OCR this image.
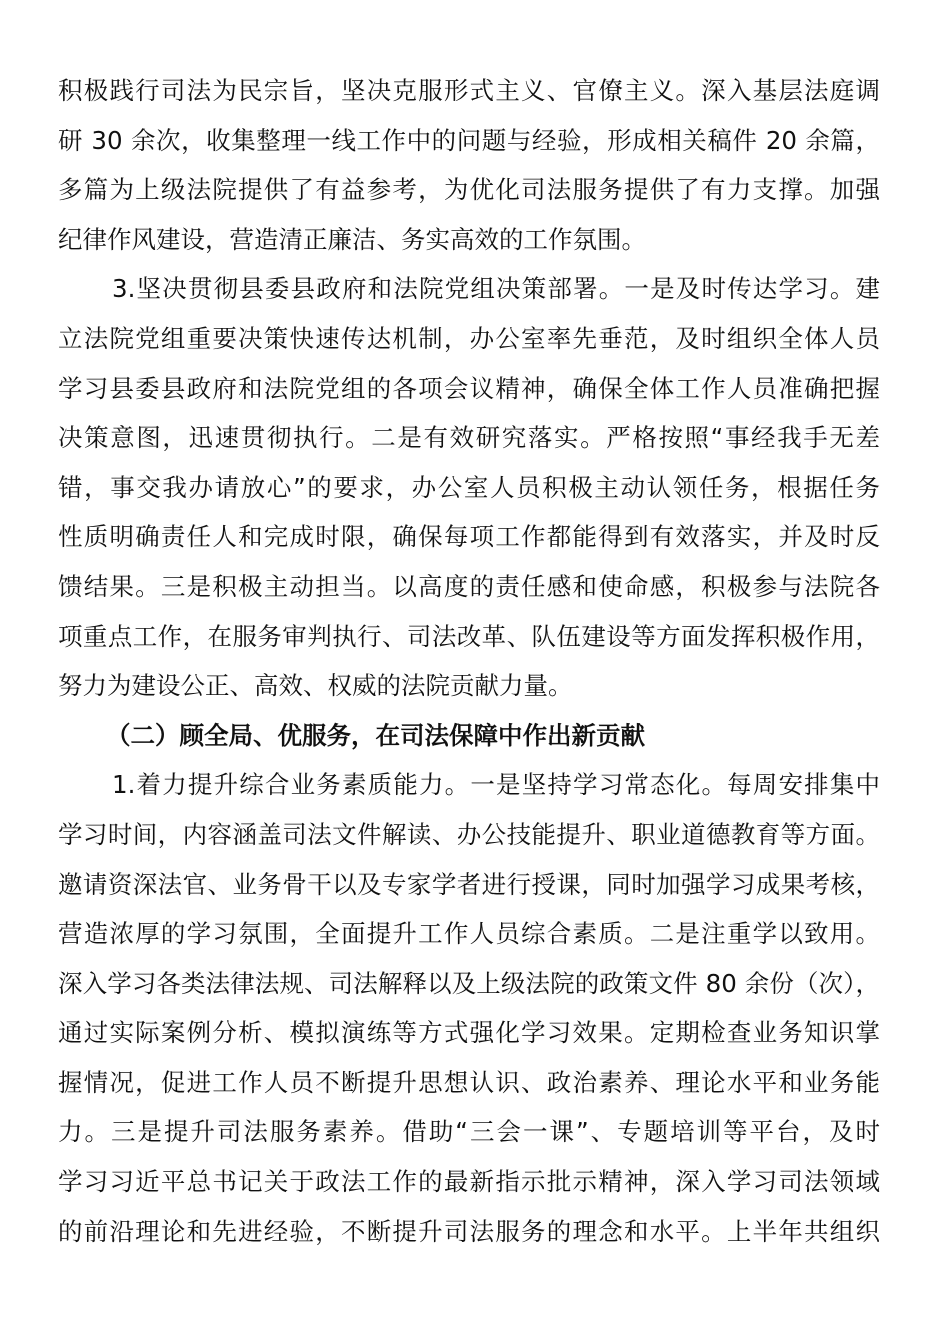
积极践行司法为民宗旨，坚决克服形式主义、官僚主义。深入基层法庭调
研 30 余次，收集整理一线工作中的问题与经验，形成相关稿件 20 余篇，
多篇为上级法院提供了有益参考，为优化司法服务提供了有力支撑。加强
纪律作风建设，营造清正廉洁、务实高效的工作氛围。
3.坚决贯彻县委县政府和法院党组决策部署。一是及时传达学习。建
立法院党组重要决策快速传达机制，办公室率先垂范，及时组织全体人员
学习县委县政府和法院党组的各项会议精神，确保全体工作人员准确把握
决策意图，迅速贯彻执行。二是有效研究落实。严格按照“事经我手无差
错，事交我办请放心”的要求，办公室人员积极主动认领任务，根据任务
性质明确责任人和完成时限，确保每项工作都能得到有效落实，并及时反
馈结果。三是积极主动担当。以高度的责任感和使命感，积极参与法院各
项重点工作，在服务审判执行、司法改革、队伍建设等方面发挥积极作用，
努力为建设公正、高效、权威的法院贡献力量。
（二）顾全局、优服务，在司法保障中作出新贡献
1.着力提升综合业务素质能力。一是坚持学习常态化。每周安排集中
学习时间，内容涵盖司法文件解读、办公技能提升、职业道德教育等方面。
邀请资深法官、业务骨干以及专家学者进行授课，同时加强学习成果考核，
营造浓厚的学习氛围，全面提升工作人员综合素质。二是注重学以致用。
深入学习各类法律法规、司法解释以及上级法院的政策文件 80 余份（次），
通过实际案例分析、模拟演练等方式强化学习效果。定期检查业务知识掌
握情况，促进工作人员不断提升思想认识、政治素养、理论水平和业务能
力。三是提升司法服务素养。借助“三会一课”、专题培训等平台，及时
学习习近平总书记关于政法工作的最新指示批示精神，深入学习司法领域
的前沿理论和先进经验，不断提升司法服务的理念和水平。上半年共组织
